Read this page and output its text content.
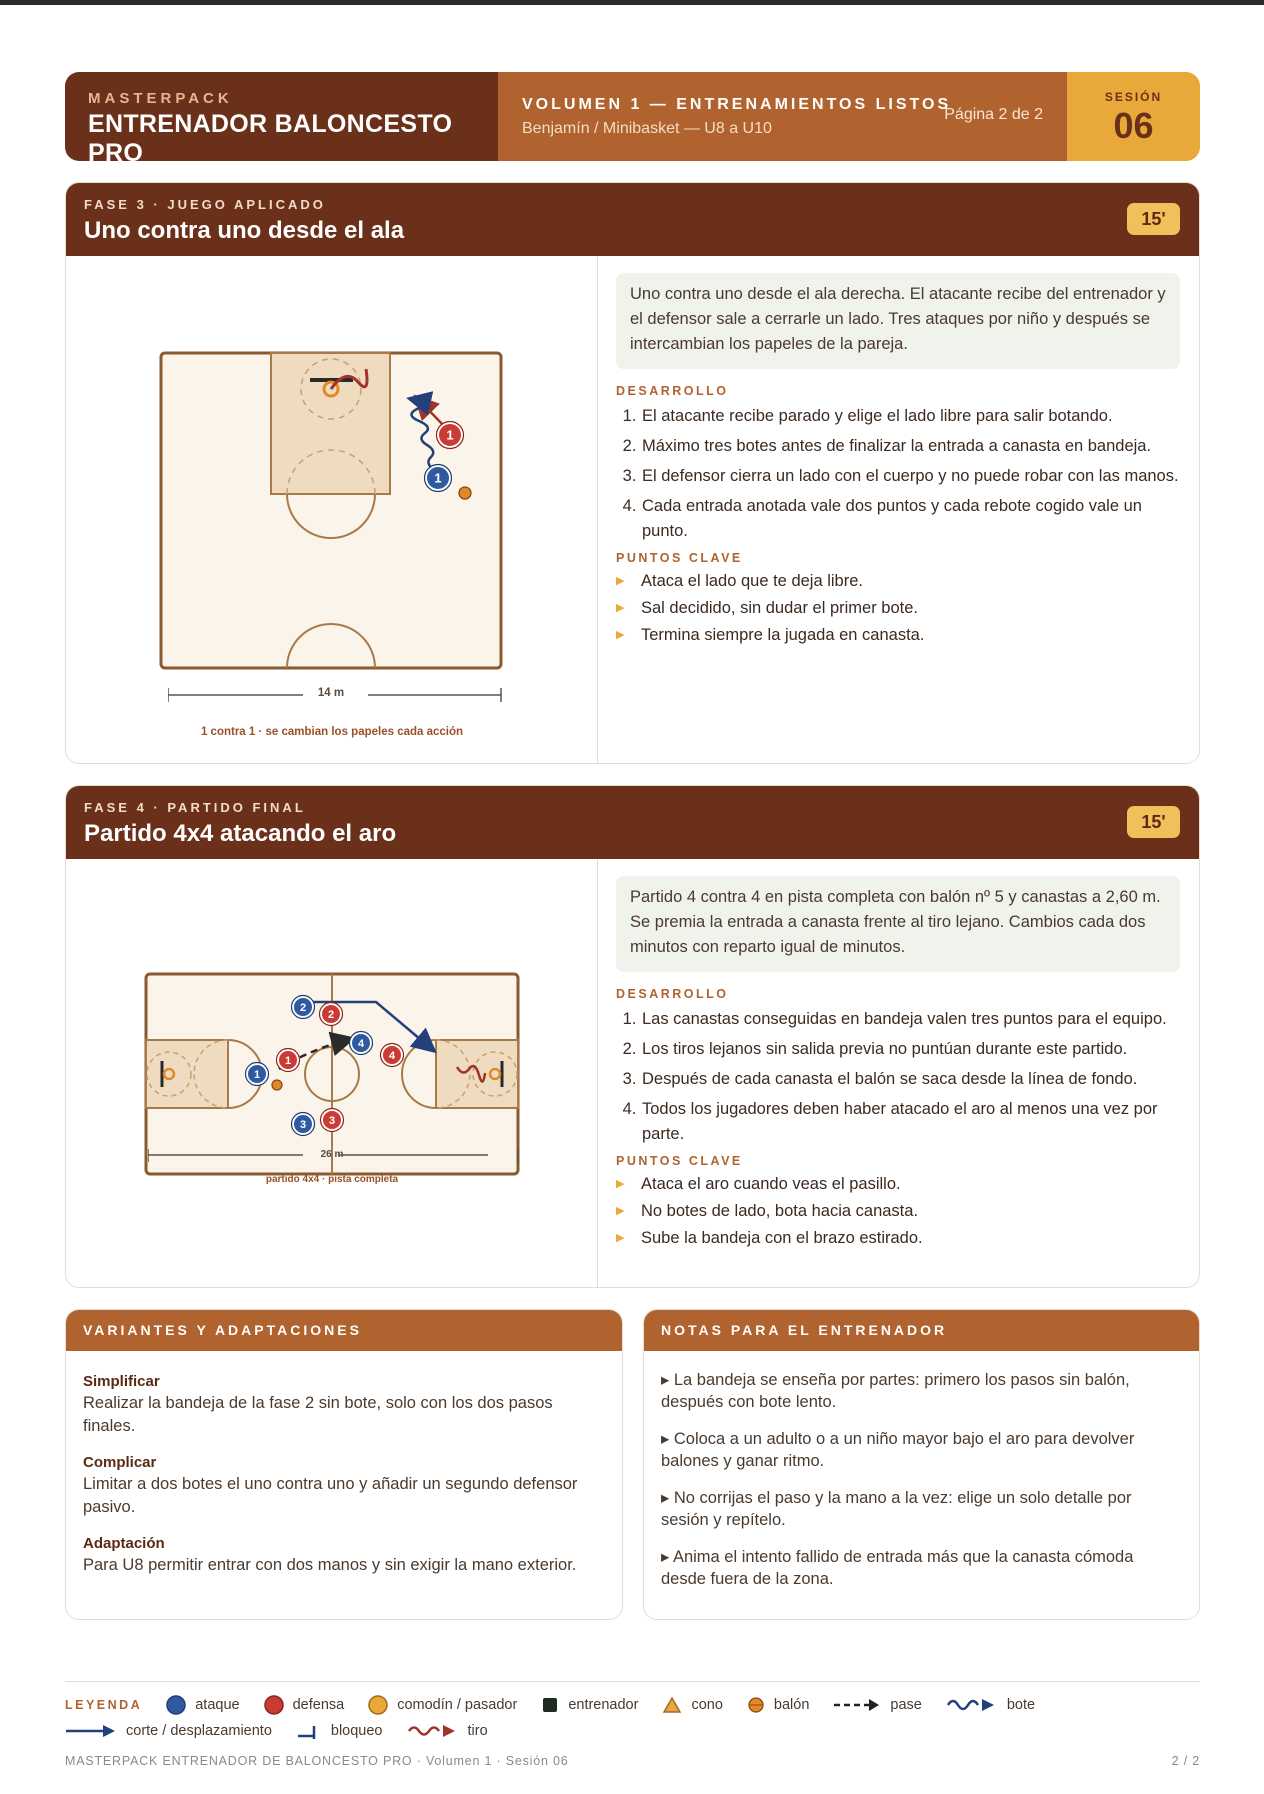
MASTERPACK
ENTRENADOR BALONCESTO PRO
VOLUMEN 1 — ENTRENAMIENTOS LISTOS
Benjamín / Minibasket — U8 a U10
Página 2 de 2
SESIÓN
06
FASE 3 · JUEGO APLICADO
Uno contra uno desde el ala	15'
1
1
14 m
1 contra 1 · se cambian los papeles cada acción
Uno contra uno desde el ala derecha. El atacante recibe del entrenador y el defensor sale a cerrarle un lado. Tres ataques por niño y después se intercambian los papeles de la pareja.
DESARROLLO
1. El atacante recibe parado y elige el lado libre para salir botando.
2. Máximo tres botes antes de finalizar la entrada a canasta en bandeja.
3. El defensor cierra un lado con el cuerpo y no puede robar con las manos.
4. Cada entrada anotada vale dos puntos y cada rebote cogido vale un punto.
PUNTOS CLAVE
▶ Ataca el lado que te deja libre.
▶ Sal decidido, sin dudar el primer bote.
▶ Termina siempre la jugada en canasta.
FASE 4 · PARTIDO FINAL
Partido 4x4 atacando el aro	15'
1
2
3
4
1
2
3
4
26 m
partido 4x4 · pista completa
Partido 4 contra 4 en pista completa con balón nº 5 y canastas a 2,60 m. Se premia la entrada a canasta frente al tiro lejano. Cambios cada dos minutos con reparto igual de minutos.
DESARROLLO
1. Las canastas conseguidas en bandeja valen tres puntos para el equipo.
2. Los tiros lejanos sin salida previa no puntúan durante este partido.
3. Después de cada canasta el balón se saca desde la línea de fondo.
4. Todos los jugadores deben haber atacado el aro al menos una vez por parte.
PUNTOS CLAVE
▶ Ataca el aro cuando veas el pasillo.
▶ No botes de lado, bota hacia canasta.
▶ Sube la bandeja con el brazo estirado.
VARIANTES Y ADAPTACIONES
Simplificar
Realizar la bandeja de la fase 2 sin bote, solo con los dos pasos finales.
Complicar
Limitar a dos botes el uno contra uno y añadir un segundo defensor pasivo.
Adaptación
Para U8 permitir entrar con dos manos y sin exigir la mano exterior.
NOTAS PARA EL ENTRENADOR
▸ La bandeja se enseña por partes: primero los pasos sin balón, después con bote lento.
▸ Coloca a un adulto o a un niño mayor bajo el aro para devolver balones y ganar ritmo.
▸ No corrijas el paso y la mano a la vez: elige un solo detalle por sesión y repítelo.
▸ Anima el intento fallido de entrada más que la canasta cómoda desde fuera de la zona.
LEYENDA	ataque	defensa	comodín / pasador	entrenador	cono	balón	pase	bote
corte / desplazamiento	bloqueo	tiro
MASTERPACK ENTRENADOR DE BALONCESTO PRO · Volumen 1 · Sesión 06	2 / 2
